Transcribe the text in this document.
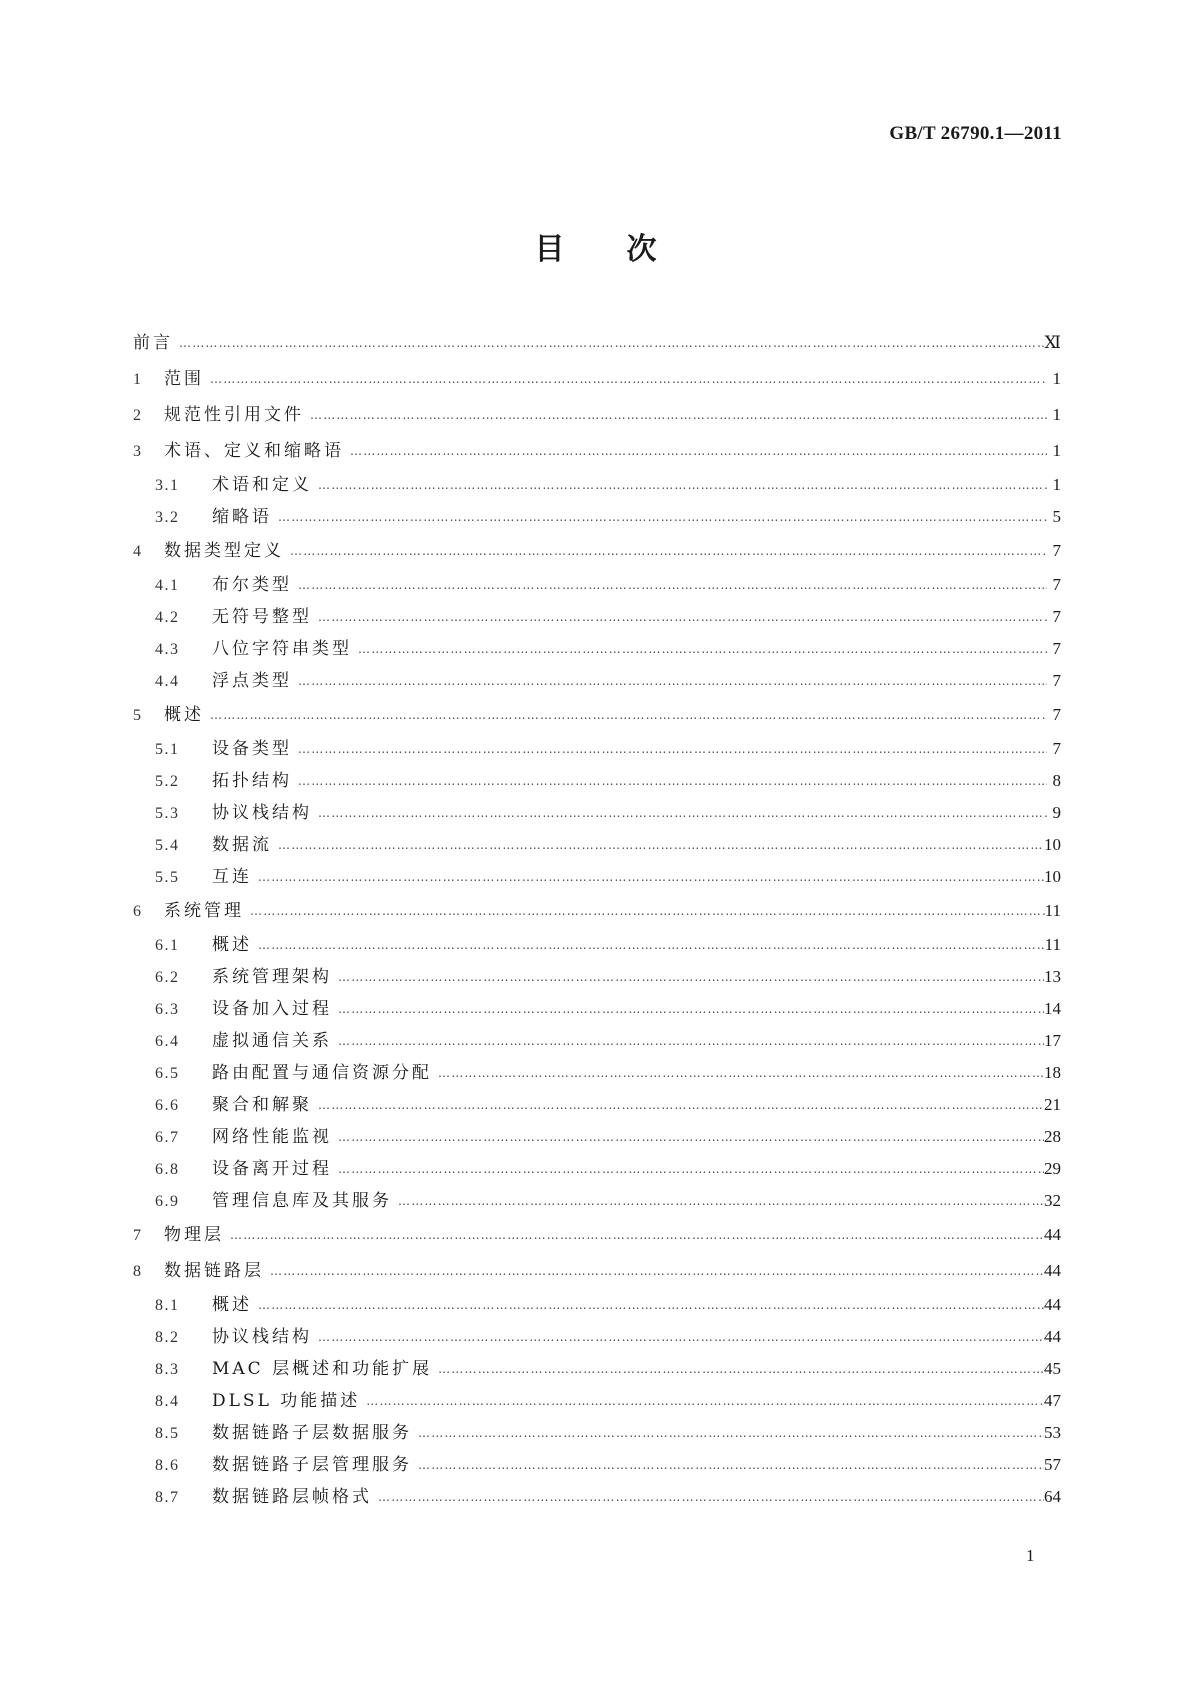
GB/T 26790.1—2011
目 次
前言 ……………………………………………………………………………………………………………………………………………………………………………………………………	Ⅺ
1	范围 ……………………………………………………………………………………………………………………………………………………………………………………………………	1
2	规范性引用文件 ……………………………………………………………………………………………………………………………………………………………………………………………………	1
3	术语、定义和缩略语 ……………………………………………………………………………………………………………………………………………………………………………………………………	1
3.1	术语和定义 ……………………………………………………………………………………………………………………………………………………………………………………………………	1
3.2	缩略语 ……………………………………………………………………………………………………………………………………………………………………………………………………	5
4	数据类型定义 ……………………………………………………………………………………………………………………………………………………………………………………………………	7
4.1	布尔类型 ……………………………………………………………………………………………………………………………………………………………………………………………………	7
4.2	无符号整型 ……………………………………………………………………………………………………………………………………………………………………………………………………	7
4.3	八位字符串类型 ……………………………………………………………………………………………………………………………………………………………………………………………………	7
4.4	浮点类型 ……………………………………………………………………………………………………………………………………………………………………………………………………	7
5	概述 ……………………………………………………………………………………………………………………………………………………………………………………………………	7
5.1	设备类型 ……………………………………………………………………………………………………………………………………………………………………………………………………	7
5.2	拓扑结构 ……………………………………………………………………………………………………………………………………………………………………………………………………	8
5.3	协议栈结构 ……………………………………………………………………………………………………………………………………………………………………………………………………	9
5.4	数据流 ……………………………………………………………………………………………………………………………………………………………………………………………………	10
5.5	互连 ……………………………………………………………………………………………………………………………………………………………………………………………………	10
6	系统管理 ……………………………………………………………………………………………………………………………………………………………………………………………………	11
6.1	概述 ……………………………………………………………………………………………………………………………………………………………………………………………………	11
6.2	系统管理架构 ……………………………………………………………………………………………………………………………………………………………………………………………………	13
6.3	设备加入过程 ……………………………………………………………………………………………………………………………………………………………………………………………………	14
6.4	虚拟通信关系 ……………………………………………………………………………………………………………………………………………………………………………………………………	17
6.5	路由配置与通信资源分配 ……………………………………………………………………………………………………………………………………………………………………………………………………	18
6.6	聚合和解聚 ……………………………………………………………………………………………………………………………………………………………………………………………………	21
6.7	网络性能监视 ……………………………………………………………………………………………………………………………………………………………………………………………………	28
6.8	设备离开过程 ……………………………………………………………………………………………………………………………………………………………………………………………………	29
6.9	管理信息库及其服务 ……………………………………………………………………………………………………………………………………………………………………………………………………	32
7	物理层 ……………………………………………………………………………………………………………………………………………………………………………………………………	44
8	数据链路层 ……………………………………………………………………………………………………………………………………………………………………………………………………	44
8.1	概述 ……………………………………………………………………………………………………………………………………………………………………………………………………	44
8.2	协议栈结构 ……………………………………………………………………………………………………………………………………………………………………………………………………	44
8.3	MAC 层概述和功能扩展 ……………………………………………………………………………………………………………………………………………………………………………………………………	45
8.4	DLSL 功能描述 ……………………………………………………………………………………………………………………………………………………………………………………………………	47
8.5	数据链路子层数据服务 ……………………………………………………………………………………………………………………………………………………………………………………………………	53
8.6	数据链路子层管理服务 ……………………………………………………………………………………………………………………………………………………………………………………………………	57
8.7	数据链路层帧格式 ……………………………………………………………………………………………………………………………………………………………………………………………………	64
1
